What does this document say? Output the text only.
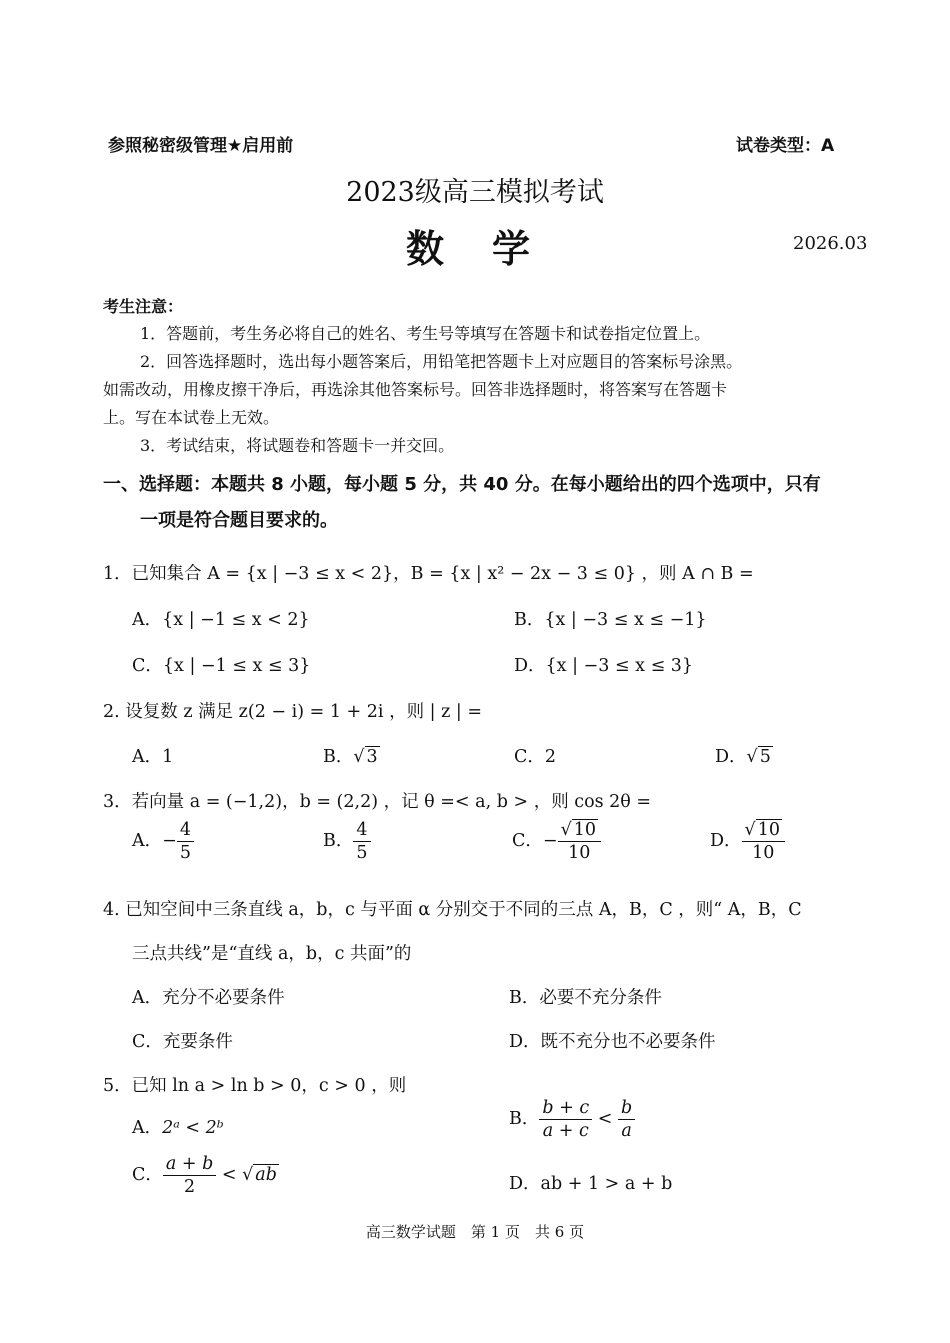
参照秘密级管理★启用前	试卷类型：A
2023级高三模拟考试
数学	2026.03
考生注意：
1．答题前，考生务必将自己的姓名、考生号等填写在答题卡和试卷指定位置上。
2．回答选择题时，选出每小题答案后，用铅笔把答题卡上对应题目的答案标号涂黑。
如需改动，用橡皮擦干净后，再选涂其他答案标号。回答非选择题时，将答案写在答题卡
上。写在本试卷上无效。
3．考试结束，将试题卷和答题卡一并交回。
一、选择题：本题共 8 小题，每小题 5 分，共 40 分。在每小题给出的四个选项中，只有
一项是符合题目要求的。
1．已知集合 A = {x | −3 ≤ x < 2}，B = {x | x² − 2x − 3 ≤ 0} ，则 A ∩ B =
A．{x | −1 ≤ x < 2}	B．{x | −3 ≤ x ≤ −1}
C．{x | −1 ≤ x ≤ 3}	D．{x | −3 ≤ x ≤ 3}
2. 设复数 z 满足 z(2 − i) = 1 + 2i ，则 | z | =
A．1	B．√ 3	C．2	D．√ 5
3．若向量 a = (−1,2)，b = (2,2) ，记 θ =< a, b > ，则 cos 2θ =
A．− $\frac{4}{5}$	B． $\frac{4}{5}$	C．− $\frac{√ 10}{10}$	D． $\frac{√ 10}{10}$
4. 已知空间中三条直线 a，b，c 与平面 α 分别交于不同的三点 A，B，C ，则“ A，B，C
三点共线”是“直线 a，b，c 共面”的
A．充分不必要条件	B．必要不充分条件
C．充要条件	D．既不充分也不必要条件
5．已知 ln a > ln b > 0，c > 0 ，则
A．2ᵃ < 2ᵇ	B． $\frac{b + c}{a + c} < \frac{b}{a}$
C． $\frac{a + b}{2}$ < √ ab	D．ab + 1 > a + b
高三数学试题　第 1 页　共 6 页
